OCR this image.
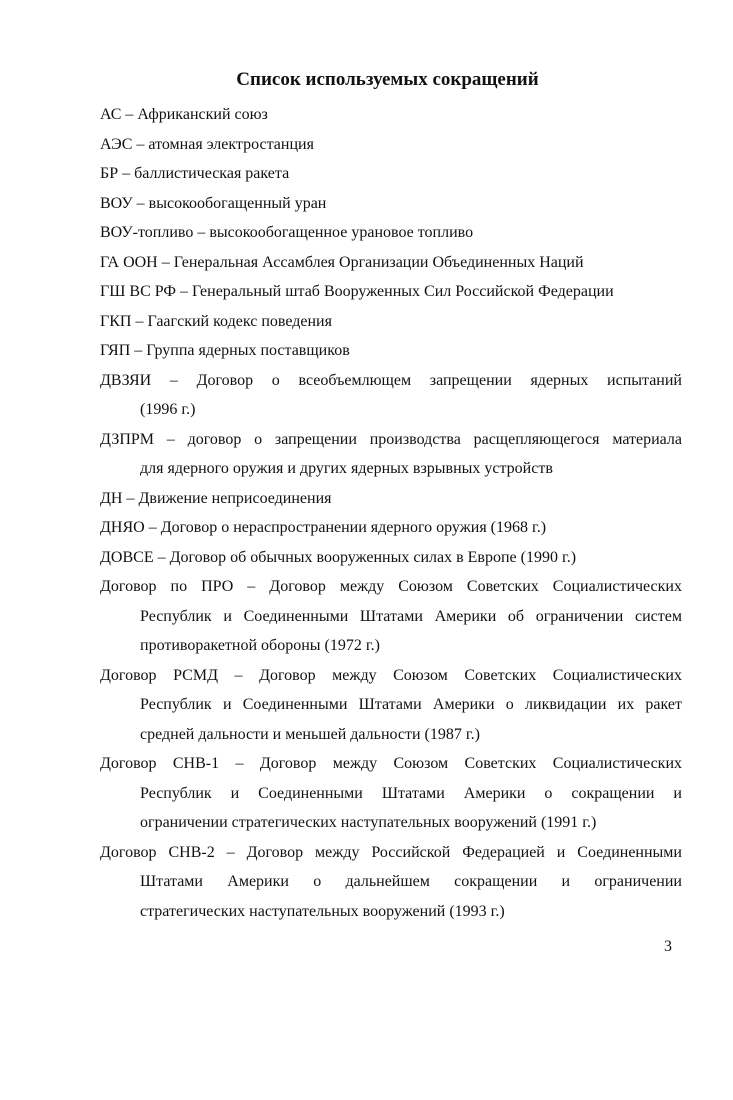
Список используемых сокращений
АС – Африканский союз
АЭС – атомная электростанция
БР – баллистическая ракета
ВОУ – высокообогащенный уран
ВОУ-топливо – высокообогащенное урановое топливо
ГА ООН – Генеральная Ассамблея Организации Объединенных Наций
ГШ ВС РФ – Генеральный штаб Вооруженных Сил Российской Федерации
ГКП – Гаагский кодекс поведения
ГЯП – Группа ядерных поставщиков
ДВЗЯИ – Договор о всеобъемлющем запрещении ядерных испытаний
(1996 г.)
ДЗПРМ – договор о запрещении производства расщепляющегося материала
для ядерного оружия и других ядерных взрывных устройств
ДН – Движение неприсоединения
ДНЯО – Договор о нераспространении ядерного оружия (1968 г.)
ДОВСЕ – Договор об обычных вооруженных силах в Европе (1990 г.)
Договор по ПРО – Договор между Союзом Советских Социалистических
Республик и Соединенными Штатами Америки об ограничении систем
противоракетной обороны (1972 г.)
Договор РСМД – Договор между Союзом Советских Социалистических
Республик и Соединенными Штатами Америки о ликвидации их ракет
средней дальности и меньшей дальности (1987 г.)
Договор СНВ-1 – Договор между Союзом Советских Социалистических
Республик и Соединенными Штатами Америки о сокращении и
ограничении стратегических наступательных вооружений (1991 г.)
Договор СНВ-2 – Договор между Российской Федерацией и Соединенными
Штатами Америки о дальнейшем сокращении и ограничении
стратегических наступательных вооружений (1993 г.)
3
